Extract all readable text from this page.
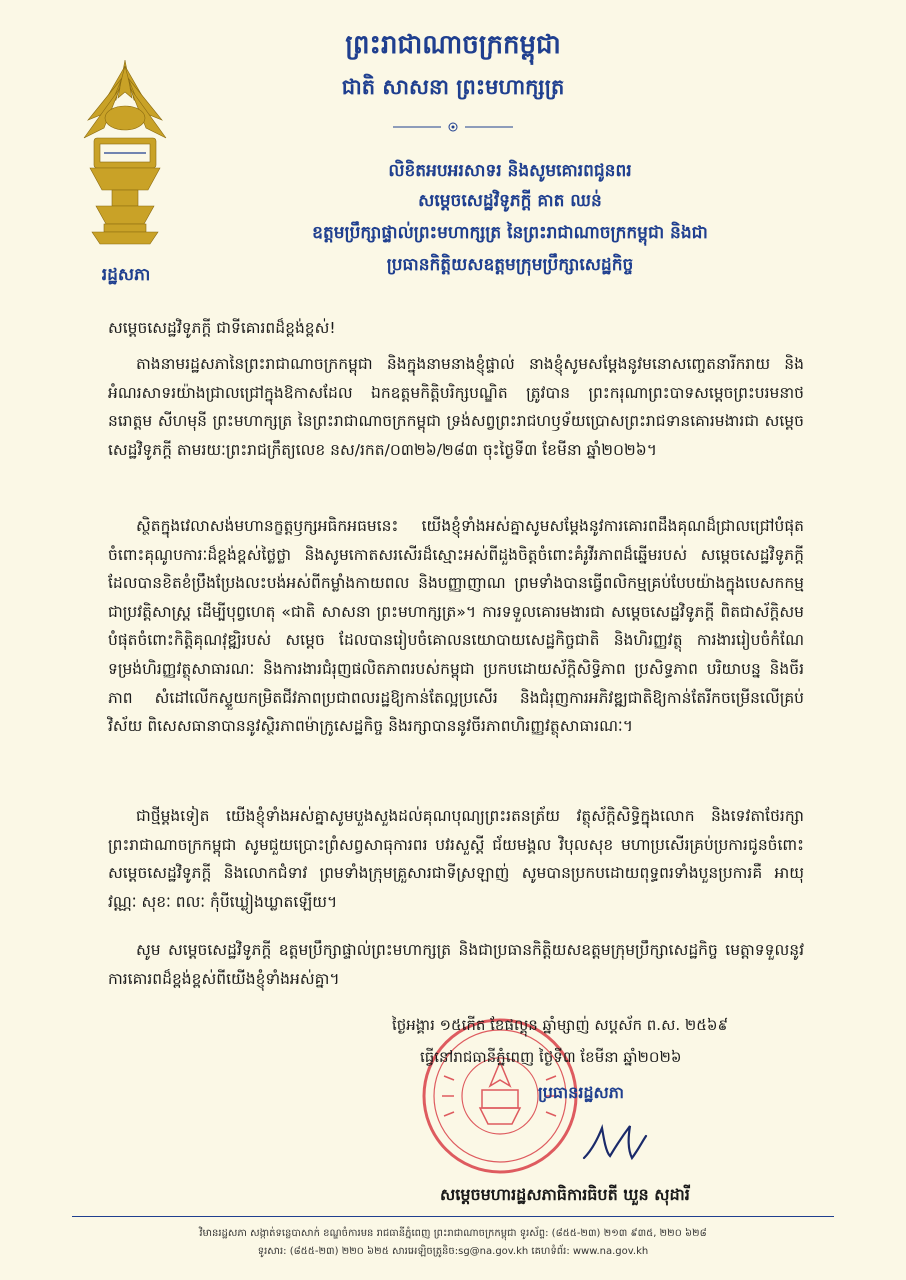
ព្រះរាជាណាចក្រកម្ពុជា
ជាតិ សាសនា ព្រះមហាក្សត្រ
រដ្ឋសភា
លិខិតអបអរសាទរ និងសូមគោរពជូនពរ
សម្តេចសេដ្ឋវិទូភក្តី គាត ឈន់
ឧត្តមប្រឹក្សាផ្ទាល់ព្រះមហាក្សត្រ នៃព្រះរាជាណាចក្រកម្ពុជា និងជា
ប្រធានកិត្តិយសឧត្តមក្រុមប្រឹក្សាសេដ្ឋកិច្ច
សម្តេចសេដ្ឋវិទូភក្តី ជាទីគោរពដ៏ខ្ពង់ខ្ពស់!
តាងនាមរដ្ឋសភានៃព្រះរាជាណាចក្រកម្ពុជា និងក្នុងនាមនាងខ្ញុំផ្ទាល់ នាងខ្ញុំសូមសម្តែងនូវមនោសញ្ចេតនារីករាយ និងអំណរសាទរយ៉ាងជ្រាលជ្រៅក្នុងឱកាសដែល ឯកឧត្តមកិត្តិបរិក្សបណ្ឌិត ត្រូវបាន ព្រះករុណាព្រះបាទសម្តេចព្រះបរមនាថ នរោត្តម សីហមុនី ព្រះមហាក្សត្រ នៃព្រះរាជាណាចក្រកម្ពុជា ទ្រង់សព្វព្រះរាជហឫទ័យប្រោសព្រះរាជទានគោរមងារជា សម្តេចសេដ្ឋវិទូភក្តី តាមរយៈព្រះរាជក្រឹត្យលេខ នស/រកត/០៣២៦/២៨៣ ចុះថ្ងៃទី៣ ខែមីនា ឆ្នាំ២០២៦។
ស្ថិតក្នុងវេលាសង់មហានក្ខត្តឫក្សអធិកអធមនេះ យើងខ្ញុំទាំងអស់គ្នាសូមសម្តែងនូវការគោរពដឹងគុណដ៏ជ្រាលជ្រៅបំផុតចំពោះគុណូបការៈដ៏ខ្ពង់ខ្ពស់ថ្លៃថ្លា និងសូមកោតសរសើរដ៏ស្មោះអស់ពីដួងចិត្តចំពោះគំរូវីរភាពដ៏ឆ្នើមរបស់ សម្តេចសេដ្ឋវិទូភក្តី ដែលបានខិតខំប្រឹងប្រែងលះបង់អស់ពីកម្លាំងកាយពល និងបញ្ញាញាណ ព្រមទាំងបានធ្វើពលិកម្មគ្រប់បែបយ៉ាងក្នុងបេសកកម្មជាប្រវត្តិសាស្ត្រ ដើម្បីបុព្វហេតុ «ជាតិ សាសនា ព្រះមហាក្សត្រ»។ ការទទួលគោរមងារជា សម្តេចសេដ្ឋវិទូភក្តី ពិតជាស័ក្តិសមបំផុតចំពោះកិត្តិគុណវុឌ្ឍិរបស់ សម្តេច ដែលបានរៀបចំគោលនយោបាយសេដ្ឋកិច្ចជាតិ និងហិរញ្ញវត្ថុ ការងាររៀបចំកំណែទម្រង់ហិរញ្ញវត្ថុសាធារណៈ និងការងារជំរុញផលិតភាពរបស់កម្ពុជា ប្រកបដោយស័ក្តិសិទ្ធិភាព ប្រសិទ្ធភាព បរិយាបន្ន និងចីរភាព សំដៅលើកស្ទួយកម្រិតជីវភាពប្រជាពលរដ្ឋឱ្យកាន់តែល្អប្រសើរ និងជំរុញការអភិវឌ្ឍជាតិឱ្យកាន់តែរីកចម្រើនលើគ្រប់វិស័យ ពិសេសធានាបាននូវស្ថិរភាពម៉ាក្រូសេដ្ឋកិច្ច និងរក្សាបាននូវចីរភាពហិរញ្ញវត្ថុសាធារណៈ។
ជាថ្មីម្តងទៀត យើងខ្ញុំទាំងអស់គ្នាសូមបួងសួងដល់គុណបុណ្យព្រះរតនត្រ័យ វត្ថុស័ក្តិសិទ្ធិក្នុងលោក និងទេវតាថែរក្សាព្រះរាជាណាចក្រកម្ពុជា សូមជួយប្រោះព្រំសព្វសាធុការពរ បវរសួស្តី ជ័យមង្គល វិបុលសុខ មហាប្រសើរគ្រប់ប្រការជូនចំពោះ សម្តេចសេដ្ឋវិទូភក្តី និងលោកជំទាវ ព្រមទាំងក្រុមគ្រួសារជាទីស្រឡាញ់ សូមបានប្រកបដោយពុទ្ធពរទាំងបួនប្រការគឺ អាយុ វណ្ណៈ សុខៈ ពលៈ កុំបីឃ្លៀងឃ្លាតឡើយ។
សូម សម្តេចសេដ្ឋវិទូភក្តី ឧត្តមប្រឹក្សាផ្ទាល់ព្រះមហាក្សត្រ និងជាប្រធានកិត្តិយសឧត្តមក្រុមប្រឹក្សាសេដ្ឋកិច្ច មេត្តាទទួលនូវការគោរពដ៏ខ្ពង់ខ្ពស់ពីយើងខ្ញុំទាំងអស់គ្នា។
ថ្ងៃអង្គារ ១៥កើត ខែផល្គុន ឆ្នាំម្សាញ់ សប្តស័ក ព.ស. ២៥៦៩
ធ្វើនៅរាជធានីភ្នំពេញ ថ្ងៃទី៣ ខែមីនា ឆ្នាំ២០២៦
ប្រធានរដ្ឋសភា
សម្តេចមហារដ្ឋសភាធិការធិបតី ឃួន សុដារី
វិមានរដ្ឋសភា សង្កាត់ទន្លេបាសាក់ ខណ្ឌចំការមន រាជធានីភ្នំពេញ ព្រះរាជាណាចក្រកម្ពុជា ទូរស័ព្ទ: (៨៥៥-២៣) ២១៣ ៩៣៥, ២២០ ៦២៨
ទូរសារ: (៨៥៥-២៣) ២២០ ៦២៥ សារអេឡិចត្រូនិច:sg@na.gov.kh គេហទំព័រ: www.na.gov.kh
